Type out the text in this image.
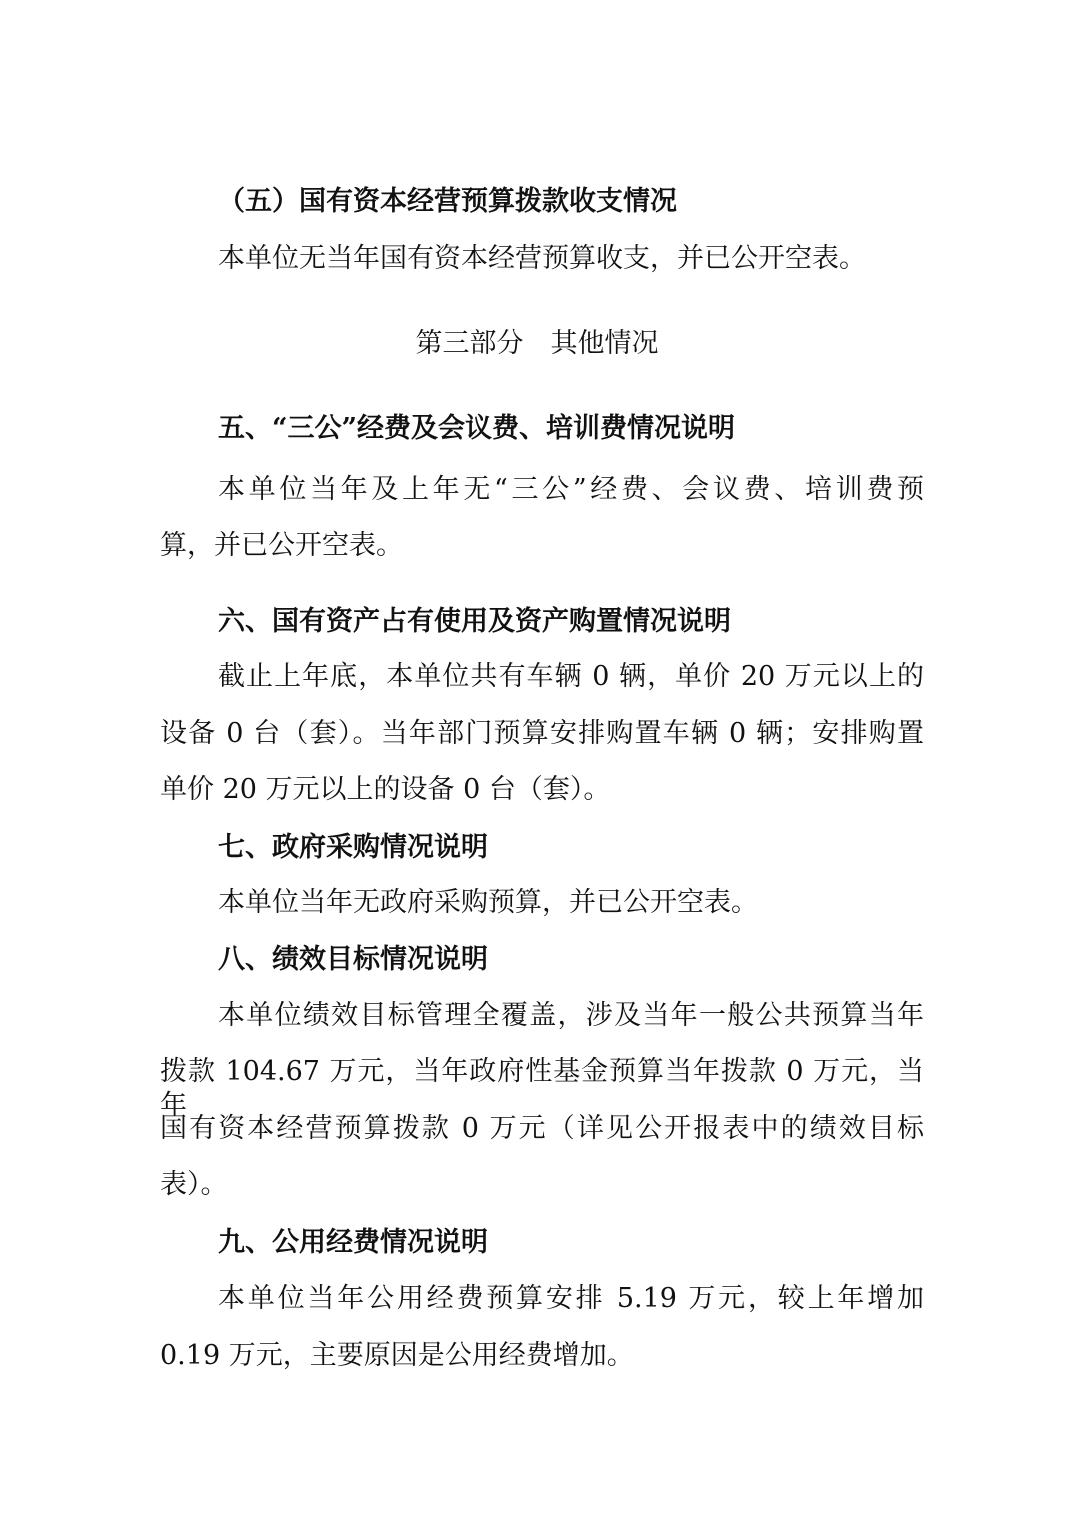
（五）国有资本经营预算拨款收支情况
本单位无当年国有资本经营预算收支，并已公开空表。
第三部分　其他情况
五、“三公”经费及会议费、培训费情况说明
本单位当年及上年无“三公”经费、会议费、培训费预
算，并已公开空表。
六、国有资产占有使用及资产购置情况说明
截止上年底，本单位共有车辆 0 辆，单价 20 万元以上的
设备 0 台（套）。当年部门预算安排购置车辆 0 辆；安排购置
单价 20 万元以上的设备 0 台（套）。
七、政府采购情况说明
本单位当年无政府采购预算，并已公开空表。
八、绩效目标情况说明
本单位绩效目标管理全覆盖，涉及当年一般公共预算当年
拨款 104.67 万元，当年政府性基金预算当年拨款 0 万元，当年
国有资本经营预算拨款 0 万元（详见公开报表中的绩效目标
表）。
九、公用经费情况说明
本单位当年公用经费预算安排 5.19 万元，较上年增加
0.19 万元，主要原因是公用经费增加。
